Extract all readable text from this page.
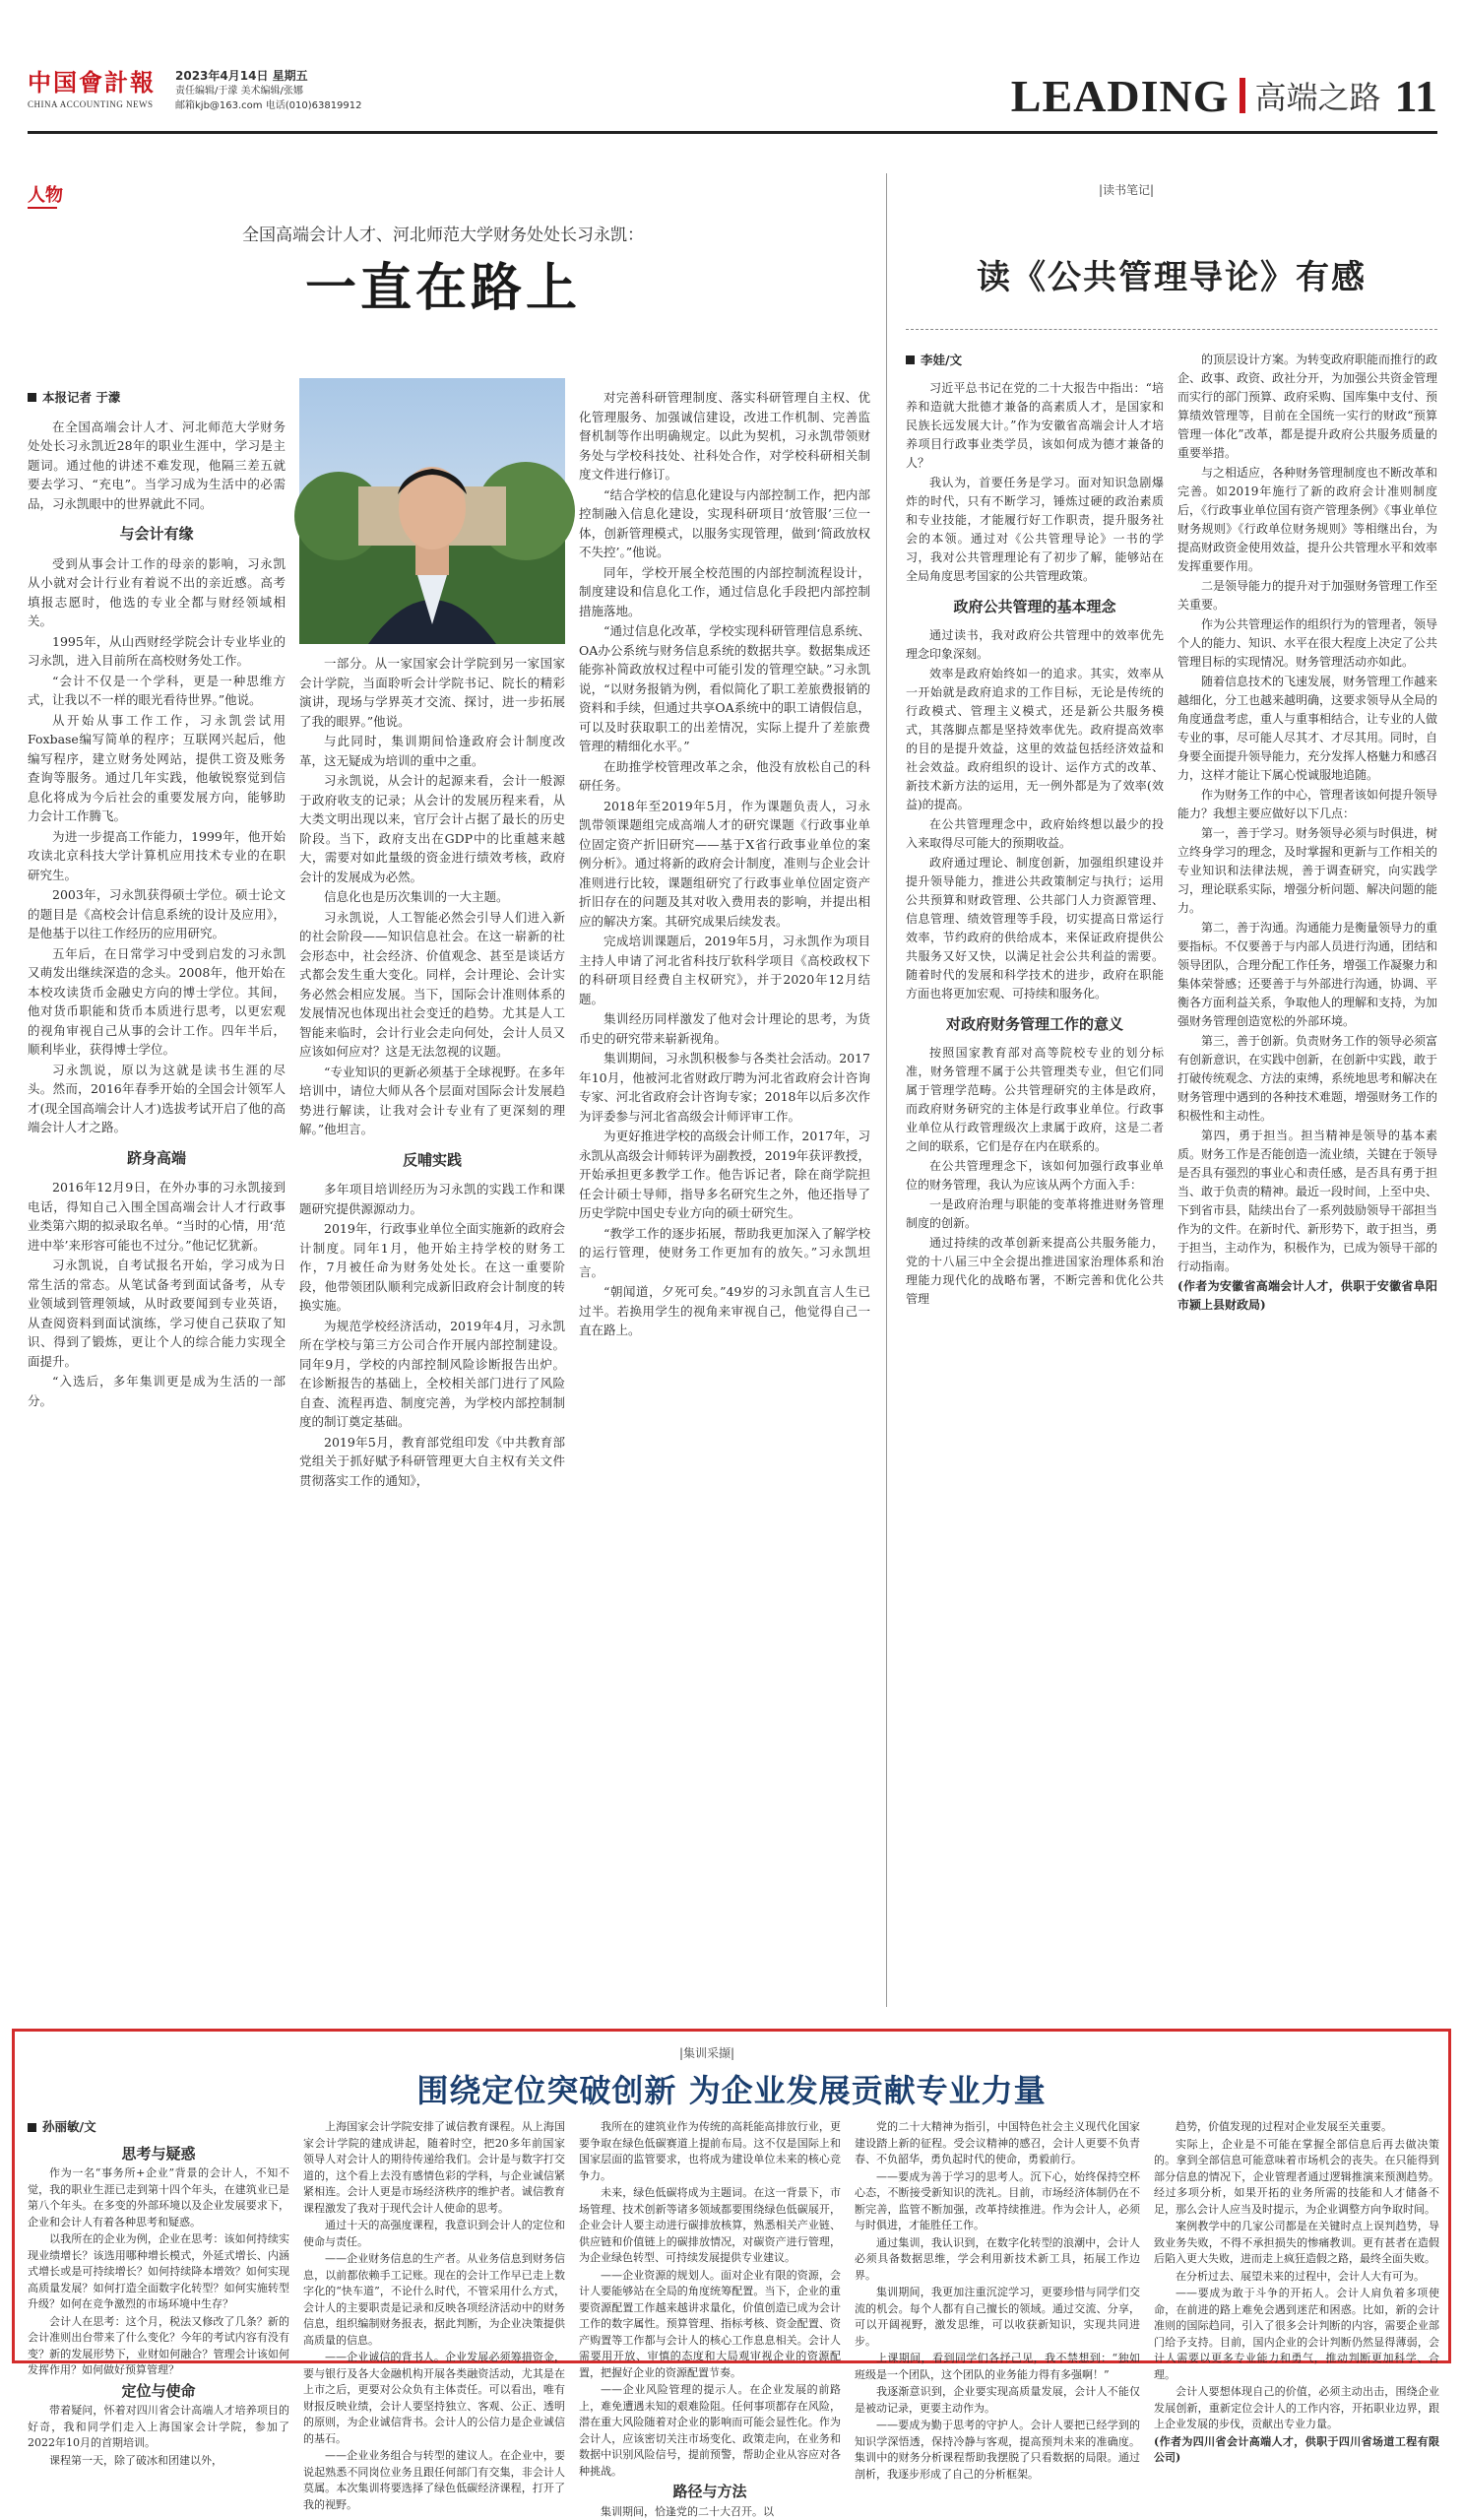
中国會計報
CHINA ACCOUNTING NEWS
2023年4月14日 星期五
责任编辑/于濛 美术编辑/张娜
邮箱kjb@163.com 电话(010)63819912	LEADING 高端之路 11
人物
全国高端会计人才、河北师范大学财务处处长习永凯：
一直在路上
本报记者 于濛

在全国高端会计人才、河北师范大学财务处处长习永凯近28年的职业生涯中，学习是主题词。通过他的讲述不难发现，他隔三差五就要去学习、“充电”。当学习成为生活中的必需品，习永凯眼中的世界就此不同。

与会计有缘

受到从事会计工作的母亲的影响，习永凯从小就对会计行业有着说不出的亲近感。高考填报志愿时，他选的专业全都与财经领域相关。

1995年，从山西财经学院会计专业毕业的习永凯，进入目前所在高校财务处工作。

“会计不仅是一个学科，更是一种思维方式，让我以不一样的眼光看待世界。”他说。

从开始从事工作工作，习永凯尝试用Foxbase编写简单的程序；互联网兴起后，他编写程序，建立财务处网站，提供工资及账务查询等服务。通过几年实践，他敏锐察觉到信息化将成为今后社会的重要发展方向，能够助力会计工作腾飞。

为进一步提高工作能力，1999年，他开始攻读北京科技大学计算机应用技术专业的在职研究生。

2003年，习永凯获得硕士学位。硕士论文的题目是《高校会计信息系统的设计及应用》，是他基于以往工作经历的应用研究。

五年后，在日常学习中受到启发的习永凯又萌发出继续深造的念头。2008年，他开始在本校攻读货币金融史方向的博士学位。其间，他对货币职能和货币本质进行思考，以更宏观的视角审视自己从事的会计工作。四年半后，顺利毕业，获得博士学位。

习永凯说，原以为这就是读书生涯的尽头。然而，2016年春季开始的全国会计领军人才(现全国高端会计人才)选拔考试开启了他的高端会计人才之路。

跻身高端

2016年12月9日，在外办事的习永凯接到电话，得知自己入围全国高端会计人才行政事业类第六期的拟录取名单。“当时的心情，用‘范进中举’来形容可能也不过分。”他记忆犹新。

习永凯说，自考试报名开始，学习成为日常生活的常态。从笔试备考到面试备考，从专业领域到管理领域，从时政要闻到专业英语，从查阅资料到面试演练，学习使自己获取了知识、得到了锻炼，更让个人的综合能力实现全面提升。

“入选后，多年集训更是成为生活的一部分。

一部分。从一家国家会计学院到另一家国家会计学院，当面聆听会计学院书记、院长的精彩演讲，现场与学界英才交流、探讨，进一步拓展了我的眼界。”他说。

与此同时，集训期间恰逢政府会计制度改革，这无疑成为培训的重中之重。

习永凯说，从会计的起源来看，会计一般源于政府收支的记录；从会计的发展历程来看，从大类文明出现以来，官厅会计占据了最长的历史阶段。当下，政府支出在GDP中的比重越来越大，需要对如此量级的资金进行绩效考核，政府会计的发展成为必然。

信息化也是历次集训的一大主题。

习永凯说，人工智能必然会引导人们进入新的社会阶段——知识信息社会。在这一崭新的社会形态中，社会经济、价值观念、甚至是谈话方式都会发生重大变化。同样，会计理论、会计实务必然会相应发展。当下，国际会计准则体系的发展情况也体现出社会变迁的趋势。尤其是人工智能来临时，会计行业会走向何处，会计人员又应该如何应对？这是无法忽视的议题。

“专业知识的更新必须基于全球视野。在多年培训中，请位大师从各个层面对国际会计发展趋势进行解读，让我对会计专业有了更深刻的理解。”他坦言。

反哺实践

多年项目培训经历为习永凯的实践工作和课题研究提供源源动力。

2019年，行政事业单位全面实施新的政府会计制度。同年1月，他开始主持学校的财务工作，7月被任命为财务处处长。在这一重要阶段，他带领团队顺利完成新旧政府会计制度的转换实施。

为规范学校经济活动，2019年4月，习永凯所在学校与第三方公司合作开展内部控制建设。同年9月，学校的内部控制风险诊断报告出炉。在诊断报告的基础上，全校相关部门进行了风险自查、流程再造、制度完善，为学校内部控制制度的制订奠定基础。

2019年5月，教育部党组印发《中共教育部党组关于抓好赋予科研管理更大自主权有关文件贯彻落实工作的通知》，

对完善科研管理制度、落实科研管理自主权、优化管理服务、加强诚信建设，改进工作机制、完善监督机制等作出明确规定。以此为契机，习永凯带领财务处与学校科技处、社科处合作，对学校科研相关制度文件进行修订。

“结合学校的信息化建设与内部控制工作，把内部控制融入信息化建设，实现科研项目‘放管服’三位一体，创新管理模式，以服务实现管理，做到‘简政放权不失控’。”他说。

同年，学校开展全校范围的内部控制流程设计，制度建设和信息化工作，通过信息化手段把内部控制措施落地。

“通过信息化改革，学校实现科研管理信息系统、OA办公系统与财务信息系统的数据共享。数据集成还能弥补简政放权过程中可能引发的管理空缺。”习永凯说，“以财务报销为例，看似简化了职工差旅费报销的资料和手续，但通过共享OA系统中的职工请假信息，可以及时获取职工的出差情况，实际上提升了差旅费管理的精细化水平。”

在助推学校管理改革之余，他没有放松自己的科研任务。

2018年至2019年5月，作为课题负责人，习永凯带领课题组完成高端人才的研究课题《行政事业单位固定资产折旧研究——基于X省行政事业单位的案例分析》。通过将新的政府会计制度，准则与企业会计准则进行比较，课题组研究了行政事业单位固定资产折旧存在的问题及其对收入费用表的影响，并提出相应的解决方案。其研究成果后续发表。

完成培训课题后，2019年5月，习永凯作为项目主持人申请了河北省科技厅软科学项目《高校政权下的科研项目经费自主权研究》，并于2020年12月结题。

集训经历同样激发了他对会计理论的思考，为货币史的研究带来崭新视角。

集训期间，习永凯积极参与各类社会活动。2017年10月，他被河北省财政厅聘为河北省政府会计咨询专家、河北省政府会计咨询专家；2018年以后多次作为评委参与河北省高级会计师评审工作。

为更好推进学校的高级会计师工作，2017年，习永凯从高级会计师转评为副教授，2019年获评教授，开始承担更多教学工作。他告诉记者，除在商学院担任会计硕士导师，指导多名研究生之外，他还指导了历史学院中国史专业方向的硕士研究生。

“教学工作的逐步拓展，帮助我更加深入了解学校的运行管理，使财务工作更加有的放矢。”习永凯坦言。

“朝闻道，夕死可矣。”49岁的习永凯直言人生已过半。若换用学生的视角来审视自己，他觉得自己一直在路上。

|读书笔记|
读《公共管理导论》有感
李娃/文

习近平总书记在党的二十大报告中指出：“培养和造就大批德才兼备的高素质人才，是国家和民族长远发展大计。”作为安徽省高端会计人才培养项目行政事业类学员，该如何成为德才兼备的人？

我认为，首要任务是学习。面对知识急剧爆炸的时代，只有不断学习，锤炼过硬的政治素质和专业技能，才能履行好工作职责，提升服务社会的本领。通过对《公共管理导论》一书的学习，我对公共管理理论有了初步了解，能够站在全局角度思考国家的公共管理政策。

政府公共管理的基本理念

通过读书，我对政府公共管理中的效率优先理念印象深刻。

效率是政府始终如一的追求。其实，效率从一开始就是政府追求的工作目标，无论是传统的行政模式、管理主义模式，还是新公共服务模式，其落脚点都是坚持效率优先。政府提高效率的目的是提升效益，这里的效益包括经济效益和社会效益。政府组织的设计、运作方式的改革、新技术新方法的运用，无一例外都是为了效率(效益)的提高。

在公共管理理念中，政府始终想以最少的投入来取得尽可能大的预期收益。

政府通过理论、制度创新，加强组织建设并提升领导能力，推进公共政策制定与执行；运用公共预算和财政管理、公共部门人力资源管理、信息管理、绩效管理等手段，切实提高日常运行效率，节约政府的供给成本，来保证政府提供公共服务又好又快，以满足社会公共利益的需要。随着时代的发展和科学技术的进步，政府在职能方面也将更加宏观、可持续和服务化。

对政府财务管理工作的意义

按照国家教育部对高等院校专业的划分标准，财务管理不属于公共管理类专业，但它们同属于管理学范畴。公共管理研究的主体是政府，而政府财务研究的主体是行政事业单位。行政事业单位从行政管理级次上隶属于政府，这是二者之间的联系，它们是存在内在联系的。

在公共管理理念下，该如何加强行政事业单位的财务管理，我认为应该从两个方面入手：

一是政府治理与职能的变革将推进财务管理制度的创新。

通过持续的改革创新来提高公共服务能力，党的十八届三中全会提出推进国家治理体系和治理能力现代化的战略布署，不断完善和优化公共管理

的顶层设计方案。为转变政府职能而推行的政企、政事、政资、政社分开，为加强公共资金管理而实行的部门预算、政府采购、国库集中支付、预算绩效管理等，目前在全国统一实行的财政“预算管理一体化”改革，都是提升政府公共服务质量的重要举措。

与之相适应，各种财务管理制度也不断改革和完善。如2019年施行了新的政府会计准则制度后，《行政事业单位国有资产管理条例》《事业单位财务规则》《行政单位财务规则》等相继出台，为提高财政资金使用效益，提升公共管理水平和效率发挥重要作用。

二是领导能力的提升对于加强财务管理工作至关重要。

作为公共管理运作的组织行为的管理者，领导个人的能力、知识、水平在很大程度上决定了公共管理目标的实现情况。财务管理活动亦如此。

随着信息技术的飞速发展，财务管理工作越来越细化，分工也越来越明确，这要求领导从全局的角度通盘考虑，重人与重事相结合，让专业的人做专业的事，尽可能人尽其才、才尽其用。同时，自身要全面提升领导能力，充分发挥人格魅力和感召力，这样才能让下属心悦诚服地追随。

作为财务工作的中心，管理者该如何提升领导能力？我想主要应做好以下几点：

第一，善于学习。财务领导必须与时俱进，树立终身学习的理念，及时掌握和更新与工作相关的专业知识和法律法规，善于调查研究，向实践学习，理论联系实际，增强分析问题、解决问题的能力。

第二，善于沟通。沟通能力是衡量领导力的重要指标。不仅要善于与内部人员进行沟通，团结和领导团队，合理分配工作任务，增强工作凝聚力和集体荣誉感；还要善于与外部进行沟通，协调、平衡各方面利益关系，争取他人的理解和支持，为加强财务管理创造宽松的外部环境。

第三，善于创新。负责财务工作的领导必须富有创新意识，在实践中创新，在创新中实践，敢于打破传统观念、方法的束缚，系统地思考和解决在财务管理中遇到的各种技术难题，增强财务工作的积极性和主动性。

第四，勇于担当。担当精神是领导的基本素质。财务工作是否能创造一流业绩，关键在于领导是否具有强烈的事业心和责任感，是否具有勇于担当、敢于负责的精神。最近一段时间，上至中央、下到省市县，陆续出台了一系列鼓励领导干部担当作为的文件。在新时代、新形势下，敢于担当，勇于担当，主动作为，积极作为，已成为领导干部的行动指南。

(作者为安徽省高端会计人才，供职于安徽省阜阳市颍上县财政局)

|集训采撷|
围绕定位突破创新 为企业发展贡献专业力量
孙丽敏/文
思考与疑惑

作为一名“事务所+企业”背景的会计人，不知不觉，我的职业生涯已走到第十四个年头，在建筑业已是第八个年头。在多变的外部环境以及企业发展要求下，企业和会计人有着各种思考和疑惑。

以我所在的企业为例，企业在思考：该如何持续实现业绩增长？该选用哪种增长模式，外延式增长、内涵式增长或是可持续增长？如何持续降本增效？如何实现高质量发展？如何打造全面数字化转型？如何实施转型升级？如何在竞争激烈的市场环境中生存？

会计人在思考：这个月，税法又修改了几条？新的会计准则出台带来了什么变化？今年的考试内容有没有变？新的发展形势下，业财如何融合？管理会计该如何发挥作用？如何做好预算管理？

定位与使命

带着疑问，怀着对四川省会计高端人才培养项目的好奇，我和同学们走入上海国家会计学院，参加了2022年10月的首期培训。

课程第一天，除了破冰和团建以外，

上海国家会计学院安排了诚信教育课程。从上海国家会计学院的建成讲起，随着时空，把20多年前国家领导人对会计人的期待传递给我们。会计是与数字打交道的，这个看上去没有感情色彩的学科，与企业诚信紧紧相连。会计人更是市场经济秩序的维护者。诚信教育课程激发了我对于现代会计人使命的思考。

通过十天的高强度课程，我意识到会计人的定位和使命与责任。

——企业财务信息的生产者。从业务信息到财务信息，以前都依赖手工记账。现在的会计工作早已走上数字化的“快车道”，不论什么时代，不管采用什么方式，会计人的主要职责是记录和反映各项经济活动中的财务信息，组织编制财务报表，据此判断，为企业决策提供高质量的信息。

——企业诚信的背书人。企业发展必须筹措资金，要与银行及各大金融机构开展各类融资活动，尤其是在上市之后，更要对公众负有主体责任。可以看出，唯有财报反映业绩，会计人要坚持独立、客观、公正、透明的原则，为企业诚信背书。会计人的公信力是企业诚信的基石。

——企业业务组合与转型的建议人。在企业中，要说起熟悉不同岗位业务且跟任何部门有交集，非会计人莫属。本次集训将要选择了绿色低碳经济课程，打开了我的视野。

我所在的建筑业作为传统的高耗能高排放行业，更要争取在绿色低碳赛道上提前布局。这不仅是国际上和国家层面的监管要求，也将成为建设单位未来的核心竞争力。

未来，绿色低碳将成为主题词。在这一背景下，市场管理、技术创新等诸多领域都要围绕绿色低碳展开，企业会计人要主动进行碳排放核算，熟悉相关产业链、供应链和价值链上的碳排放情况，对碳资产进行管理，为企业绿色转型、可持续发展提供专业建议。

——企业资源的规划人。面对企业有限的资源，会计人要能够站在全局的角度统筹配置。当下，企业的重要资源配置工作越来越讲求量化，价值创造已成为会计工作的数字属性。预算管理、指标考核、资金配置、资产购置等工作都与会计人的核心工作息息相关。会计人需要用开放、审慎的态度和大局观审视企业的资源配置，把握好企业的资源配置节奏。

——企业风险管理的提示人。在企业发展的前路上，难免遭遇未知的艰难险阻。任何事项都存在风险，潜在重大风险随着对企业的影响而可能会显性化。作为会计人，应该密切关注市场变化、政策走向，在业务和数据中识别风险信号，提前预警，帮助企业从容应对各种挑战。

路径与方法

集训期间，恰逢党的二十大召开。以

党的二十大精神为指引，中国特色社会主义现代化国家建设踏上新的征程。受会议精神的感召，会计人更要不负青春、不负韶华，勇负起时代的使命，勇毅前行。

——要成为善于学习的思考人。沉下心，始终保持空杯心态，不断接受新知识的洗礼。目前，市场经济体制仍在不断完善，监管不断加强，改革持续推进。作为会计人，必须与时俱进，才能胜任工作。

通过集训，我认识到，在数字化转型的浪潮中，会计人必须具备数据思维，学会利用新技术新工具，拓展工作边界。

集训期间，我更加注重沉淀学习，更要珍惜与同学们交流的机会。每个人都有自己擅长的领域。通过交流、分享，可以开阔视野，激发思维，可以收获新知识，实现共同进步。

上课期间，看到同学们各抒己见，我不禁想到：“独如班级是一个团队，这个团队的业务能力得有多强啊！”

我逐渐意识到，企业要实现高质量发展，会计人不能仅是被动记录，更要主动作为。

——要成为勤于思考的守护人。会计人要把已经学到的知识学深悟透，保持冷静与客观，提高预判未来的准确度。集训中的财务分析课程帮助我摆脱了只看数据的局限。通过剖析，我逐步形成了自己的分析框架。

趋势，价值发现的过程对企业发展至关重要。

实际上，企业是不可能在掌握全部信息后再去做决策的。拿到全部信息可能意味着市场机会的丧失。在只能得到部分信息的情况下，企业管理者通过逻辑推演来预测趋势。经过多项分析，如果开拓的业务所需的技能和人才储备不足，那么会计人应当及时提示，为企业调整方向争取时间。

案例教学中的几家公司都是在关键时点上误判趋势，导致业务失败，不得不承担损失的惨痛教训。更有甚者在造假后陷入更大失败，进而走上疯狂造假之路，最终全面失败。

在分析过去、展望未来的过程中，会计人大有可为。

——要成为敢于斗争的开拓人。会计人肩负着多项使命，在前进的路上难免会遇到迷茫和困惑。比如，新的会计准则的国际趋同，引入了很多会计判断的内容，需要企业部门给予支持。目前，国内企业的会计判断仍然显得薄弱，会计人需要以更多专业能力和勇气，推动判断更加科学、合理。

会计人要想体现自己的价值，必须主动出击，围绕企业发展创新，重新定位会计人的工作内容，开拓职业边界，跟上企业发展的步伐，贡献出专业力量。

(作者为四川省会计高端人才，供职于四川省场道工程有限公司)
